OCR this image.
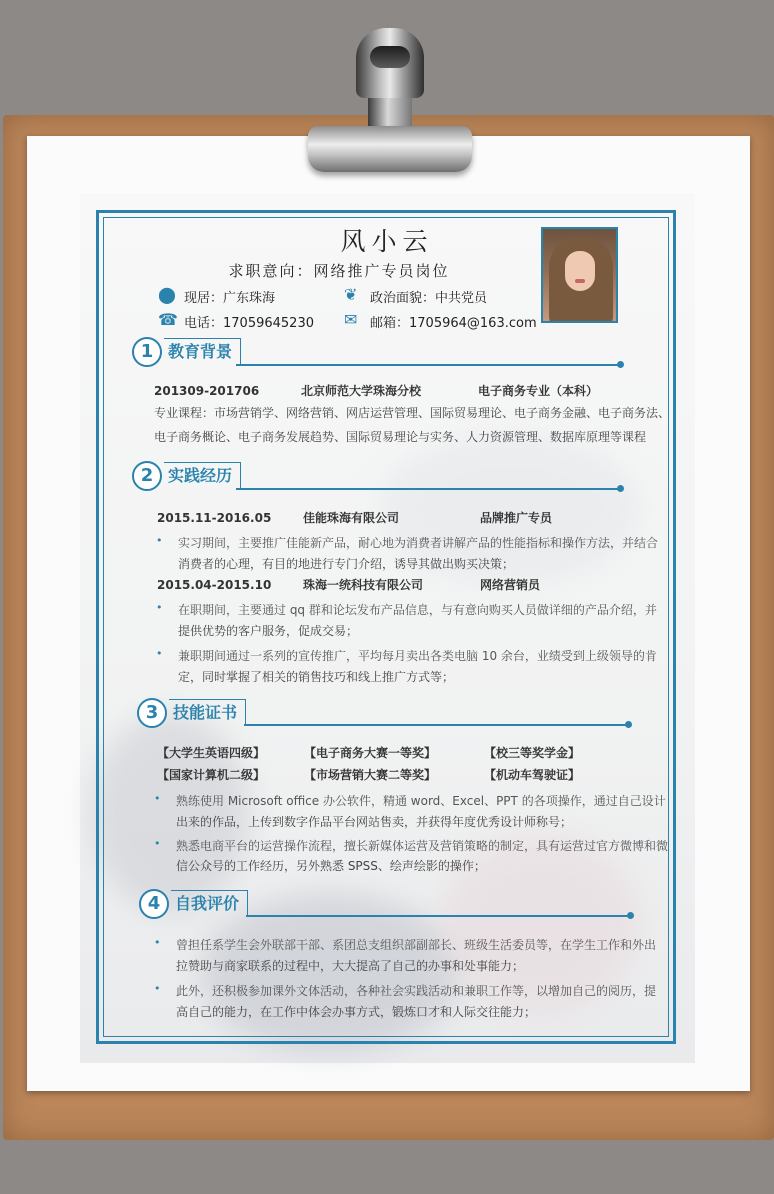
风小云
求职意向：网络推广专员岗位
⬤ 现居：广东珠海	❦ 政治面貌：中共党员
☎ 电话：17059645230 ✉ 邮箱：1705964@163.com
1 教育背景
201309-201706	北京师范大学珠海分校	电子商务专业（本科）
专业课程：市场营销学、网络营销、网店运营管理、国际贸易理论、电子商务金融、电子商务法、
电子商务概论、电子商务发展趋势、国际贸易理论与实务、人力资源管理、数据库原理等课程
2 实践经历
2015.11-2016.05	佳能珠海有限公司	品牌推广专员
• 实习期间，主要推广佳能新产品，耐心地为消费者讲解产品的性能指标和操作方法，并结合
消费者的心理，有目的地进行专门介绍，诱导其做出购买决策；
2015.04-2015.10	珠海一统科技有限公司	网络营销员
• 在职期间，主要通过 qq 群和论坛发布产品信息，与有意向购买人员做详细的产品介绍，并
提供优势的客户服务，促成交易；
• 兼职期间通过一系列的宣传推广，平均每月卖出各类电脑 10 余台，业绩受到上级领导的肯
定，同时掌握了相关的销售技巧和线上推广方式等；
3 技能证书
【大学生英语四级】	【电子商务大赛一等奖】	【校三等奖学金】
【国家计算机二级】	【市场营销大赛二等奖】	【机动车驾驶证】
• 熟练使用 Microsoft office 办公软件，精通 word、Excel、PPT 的各项操作，通过自己设计
出来的作品，上传到数字作品平台网站售卖，并获得年度优秀设计师称号；
• 熟悉电商平台的运营操作流程，擅长新媒体运营及营销策略的制定，具有运营过官方微博和微
信公众号的工作经历，另外熟悉 SPSS、绘声绘影的操作；
4 自我评价
• 曾担任系学生会外联部干部、系团总支组织部副部长、班级生活委员等，在学生工作和外出
拉赞助与商家联系的过程中，大大提高了自己的办事和处事能力；
• 此外，还积极参加课外文体活动，各种社会实践活动和兼职工作等，以增加自己的阅历，提
高自己的能力，在工作中体会办事方式，锻炼口才和人际交往能力；
